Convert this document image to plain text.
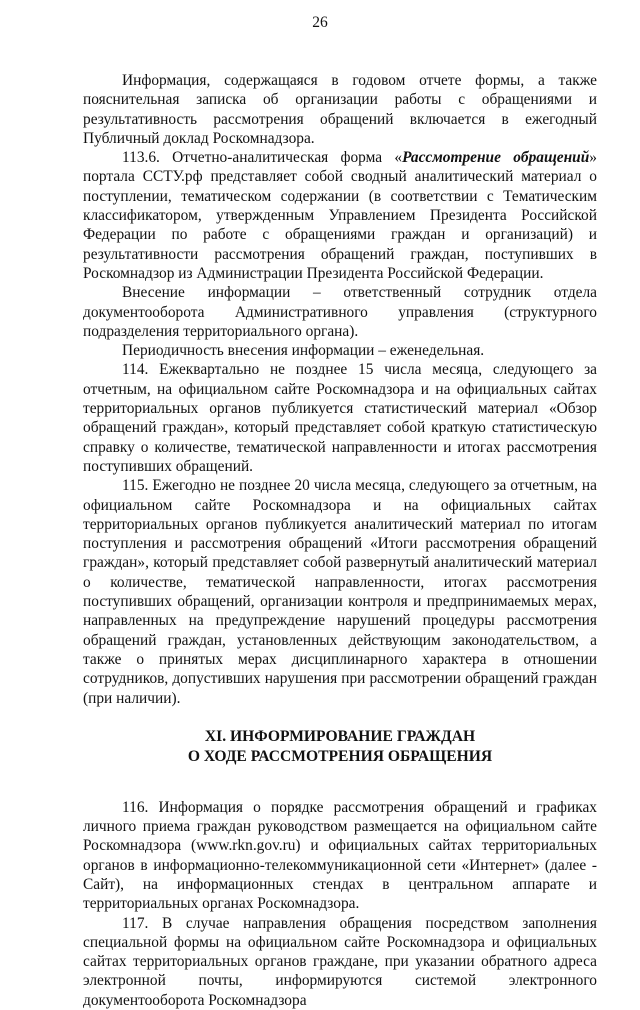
26

Информация, содержащаяся в годовом отчете формы, а также пояснительная записка об организации работы с обращениями и результативность рассмотрения обращений включается в ежегодный Публичный доклад Роскомнадзора.

113.6. Отчетно-аналитическая форма «Рассмотрение обращений» портала ССТУ.рф представляет собой сводный аналитический материал о поступлении, тематическом содержании (в соответствии с Тематическим классификатором, утвержденным Управлением Президента Российской Федерации по работе с обращениями граждан и организаций) и результативности рассмотрения обращений граждан, поступивших в Роскомнадзор из Администрации Президента Российской Федерации.

Внесение информации – ответственный сотрудник отдела документооборота Административного управления (структурного подразделения территориального органа).

Периодичность внесения информации – еженедельная.

114. Ежеквартально не позднее 15 числа месяца, следующего за отчетным, на официальном сайте Роскомнадзора и на официальных сайтах территориальных органов публикуется статистический материал «Обзор обращений граждан», который представляет собой краткую статистическую справку о количестве, тематической направленности и итогах рассмотрения поступивших обращений.

115. Ежегодно не позднее 20 числа месяца, следующего за отчетным, на официальном сайте Роскомнадзора и на официальных сайтах территориальных органов публикуется аналитический материал по итогам поступления и рассмотрения обращений «Итоги рассмотрения обращений граждан», который представляет собой развернутый аналитический материал о количестве, тематической направленности, итогах рассмотрения поступивших обращений, организации контроля и предпринимаемых мерах, направленных на предупреждение нарушений процедуры рассмотрения обращений граждан, установленных действующим законодательством, а также о принятых мерах дисциплинарного характера в отношении сотрудников, допустивших нарушения при рассмотрении обращений граждан (при наличии).

XI. ИНФОРМИРОВАНИЕ ГРАЖДАН
О ХОДЕ РАССМОТРЕНИЯ ОБРАЩЕНИЯ

116. Информация о порядке рассмотрения обращений и графиках личного приема граждан руководством размещается на официальном сайте Роскомнадзора (www.rkn.gov.ru) и официальных сайтах территориальных органов в информационно-телекоммуникационной сети «Интернет» (далее - Сайт), на информационных стендах в центральном аппарате и территориальных органах Роскомнадзора.

117. В случае направления обращения посредством заполнения специальной формы на официальном сайте Роскомнадзора и официальных сайтах территориальных органов граждане, при указании обратного адреса электронной почты, информируются системой электронного документооборота Роскомнадзора
